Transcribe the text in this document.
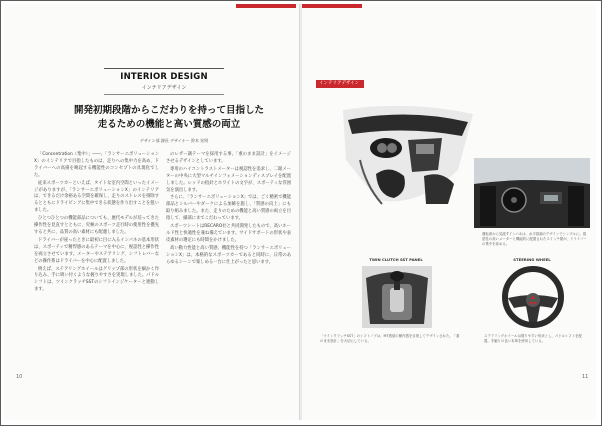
INTERIOR DESIGN
インテリアデザイン
開発初期段階からこだわりを持って目指した
走るための機能と高い質感の両立
デザイン部 課長 デザイナー 鈴木 宏明

「Concentration（集中）」――。「ランサーエボリューションX」のインテリアで目指したものは、走りへの集中力を高め、ドライバーへの高揚を喚起する機能性のコンセプトの具現化でした。

従来スポーツカーといえば、タイトな室内空間といったイメージがありますが、「ランサーエボリューションX」のインテリアは、できるだけ余裕ある空間を確保し、走りのストレスを排除するとともにドライビングに集中できる状態を作り出すことを狙いました。

ひとつひとつの機能部品についても、歴代モデルが培ってきた操作性を見直すとともに、究極のスポーツ走行時の使用性を優先すると共に、品質の高い素材にも配慮しました。

ドライバーが座ったときに最初に目に入るインパネの基本形状は、スポーティで精悍感のあるテーマを中心に、視認性と操作性を両立させています。メーターやステアリング、シフトレバーなどの操作系はドライバーを中心に配置しました。

例えば、ステアリングホイールはグリップ部の形状を細かく作り込み、手に吸い付くような握りやすさを実現しました。パドルシフトは、ツインクラッチSSTのシフトインジケーターと連動します。

のレザー調テーマを採用する事。「重のまま設計」をイメージさせるデザインとしています。

専用のハイコントラストメーターは視認性を追求し、二眼メーターの中央に大型マルチインフォメーションディスプレイを配置しました。レッドの指針とホワイトの文字が、スポーティな雰囲気を演出します。

さらに、「ランサーエボリューションX」では、ごく精密で機能部品とシルバーやダークによる加飾を施し、「質感の向上」にも取り組みました。また、走りのための機能と高い質感の両立を目指して、細部にまでこだわっています。

スポーツシートはRECARO社と共同開発したもので、高いホールド性と快適性を兼ね備えています。サイドサポートの形状や表皮素材の選定にも時間をかけました。

高い動力性能と高い質感、機能性を持つ「ランサーエボリューションX」は、本格的なスポーツカーであると同時に、日常のあらゆるシーンで楽しめる一台に仕上がったと思います。

10
インテリアデザイン
運転席から見渡すインパネは、水平基調のデザインでシンプルに。視認性の高いメーターと機能的に配置されたスイッチ類が、ドライバーの集中を高める。
TWIN CLUTCH SST PANEL	STEERING WHEEL
「ツインクラッチSST」のシフトノブは、MT感覚の操作感を目指してデザインされた。「重のまま設計」を大切にしている。
ステアリングホイールは握りやすい形状とし、パドルシフトを配置。手触りの良い本革を使用している。
11
